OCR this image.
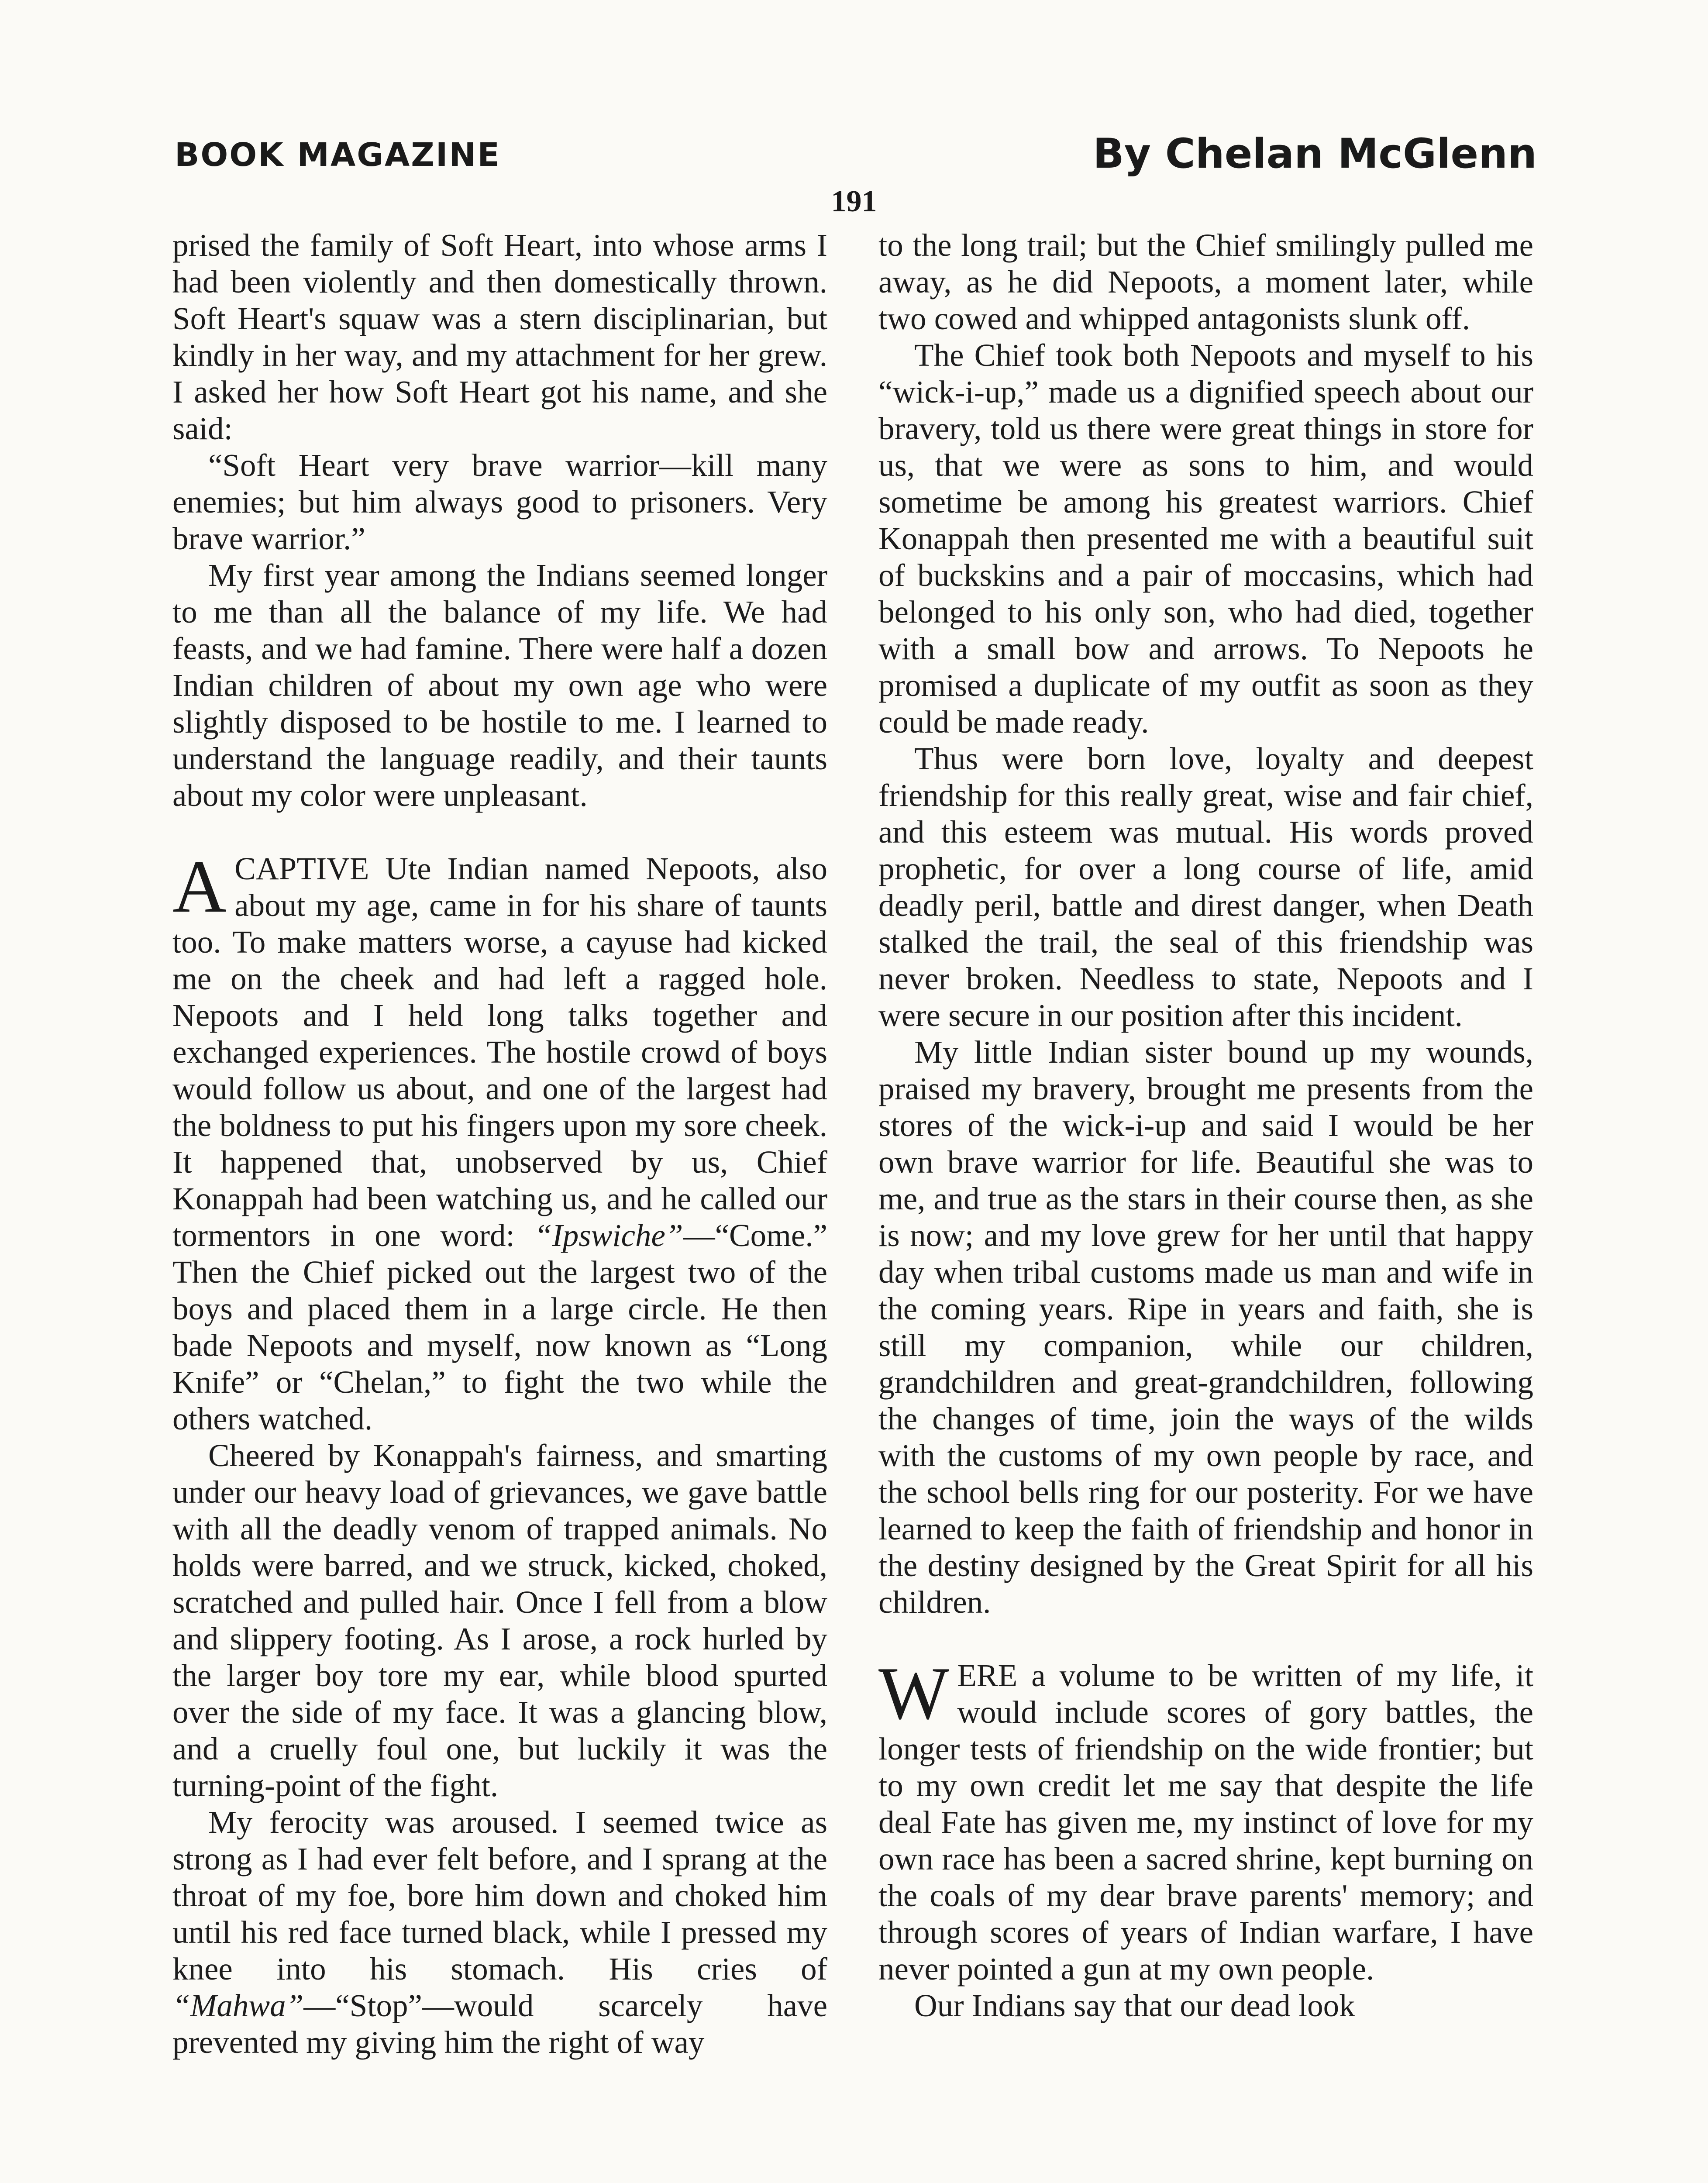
BOOK MAGAZINE	By Chelan McGlenn
191

prised the family of Soft Heart, into whose arms I had been violently and then domestically thrown. Soft Heart's squaw was a stern disciplinarian, but kindly in her way, and my attachment for her grew. I asked her how Soft Heart got his name, and she said:

“Soft Heart very brave warrior—kill many enemies; but him always good to prisoners. Very brave warrior.”

My first year among the Indians seemed longer to me than all the balance of my life. We had feasts, and we had famine. There were half a dozen Indian children of about my own age who were slightly disposed to be hostile to me. I learned to understand the language readily, and their taunts about my color were unpleasant.

ACAPTIVE Ute Indian named Nepoots, also about my age, came in for his share of taunts too. To make matters worse, a cayuse had kicked me on the cheek and had left a ragged hole. Nepoots and I held long talks together and exchanged experiences. The hostile crowd of boys would follow us about, and one of the largest had the boldness to put his fingers upon my sore cheek. It happened that, unobserved by us, Chief Konappah had been watching us, and he called our tormentors in one word: “Ipswiche”—“Come.” Then the Chief picked out the largest two of the boys and placed them in a large circle. He then bade Nepoots and myself, now known as “Long Knife” or “Chelan,” to fight the two while the others watched.

Cheered by Konappah's fairness, and smarting under our heavy load of grievances, we gave battle with all the deadly venom of trapped animals. No holds were barred, and we struck, kicked, choked, scratched and pulled hair. Once I fell from a blow and slippery footing. As I arose, a rock hurled by the larger boy tore my ear, while blood spurted over the side of my face. It was a glancing blow, and a cruelly foul one, but luckily it was the turning-point of the fight.

My ferocity was aroused. I seemed twice as strong as I had ever felt before, and I sprang at the throat of my foe, bore him down and choked him until his red face turned black, while I pressed my knee into his stomach. His cries of “Mahwa”—“Stop”—would scarcely have prevented my giving him the right of way

to the long trail; but the Chief smilingly pulled me away, as he did Nepoots, a moment later, while two cowed and whipped antagonists slunk off.

The Chief took both Nepoots and myself to his “wick-i-up,” made us a dignified speech about our bravery, told us there were great things in store for us, that we were as sons to him, and would sometime be among his greatest warriors. Chief Konappah then presented me with a beautiful suit of buckskins and a pair of moccasins, which had belonged to his only son, who had died, together with a small bow and arrows. To Nepoots he promised a duplicate of my outfit as soon as they could be made ready.

Thus were born love, loyalty and deepest friendship for this really great, wise and fair chief, and this esteem was mutual. His words proved prophetic, for over a long course of life, amid deadly peril, battle and direst danger, when Death stalked the trail, the seal of this friendship was never broken. Needless to state, Nepoots and I were secure in our position after this incident.

My little Indian sister bound up my wounds, praised my bravery, brought me presents from the stores of the wick-i-up and said I would be her own brave warrior for life. Beautiful she was to me, and true as the stars in their course then, as she is now; and my love grew for her until that happy day when tribal customs made us man and wife in the coming years. Ripe in years and faith, she is still my companion, while our children, grandchildren and great-grandchildren, following the changes of time, join the ways of the wilds with the customs of my own people by race, and the school bells ring for our posterity. For we have learned to keep the faith of friendship and honor in the destiny designed by the Great Spirit for all his children.

WERE a volume to be written of my life, it would include scores of gory battles, the longer tests of friendship on the wide frontier; but to my own credit let me say that despite the life deal Fate has given me, my instinct of love for my own race has been a sacred shrine, kept burning on the coals of my dear brave parents' memory; and through scores of years of Indian warfare, I have never pointed a gun at my own people.

Our Indians say that our dead look
